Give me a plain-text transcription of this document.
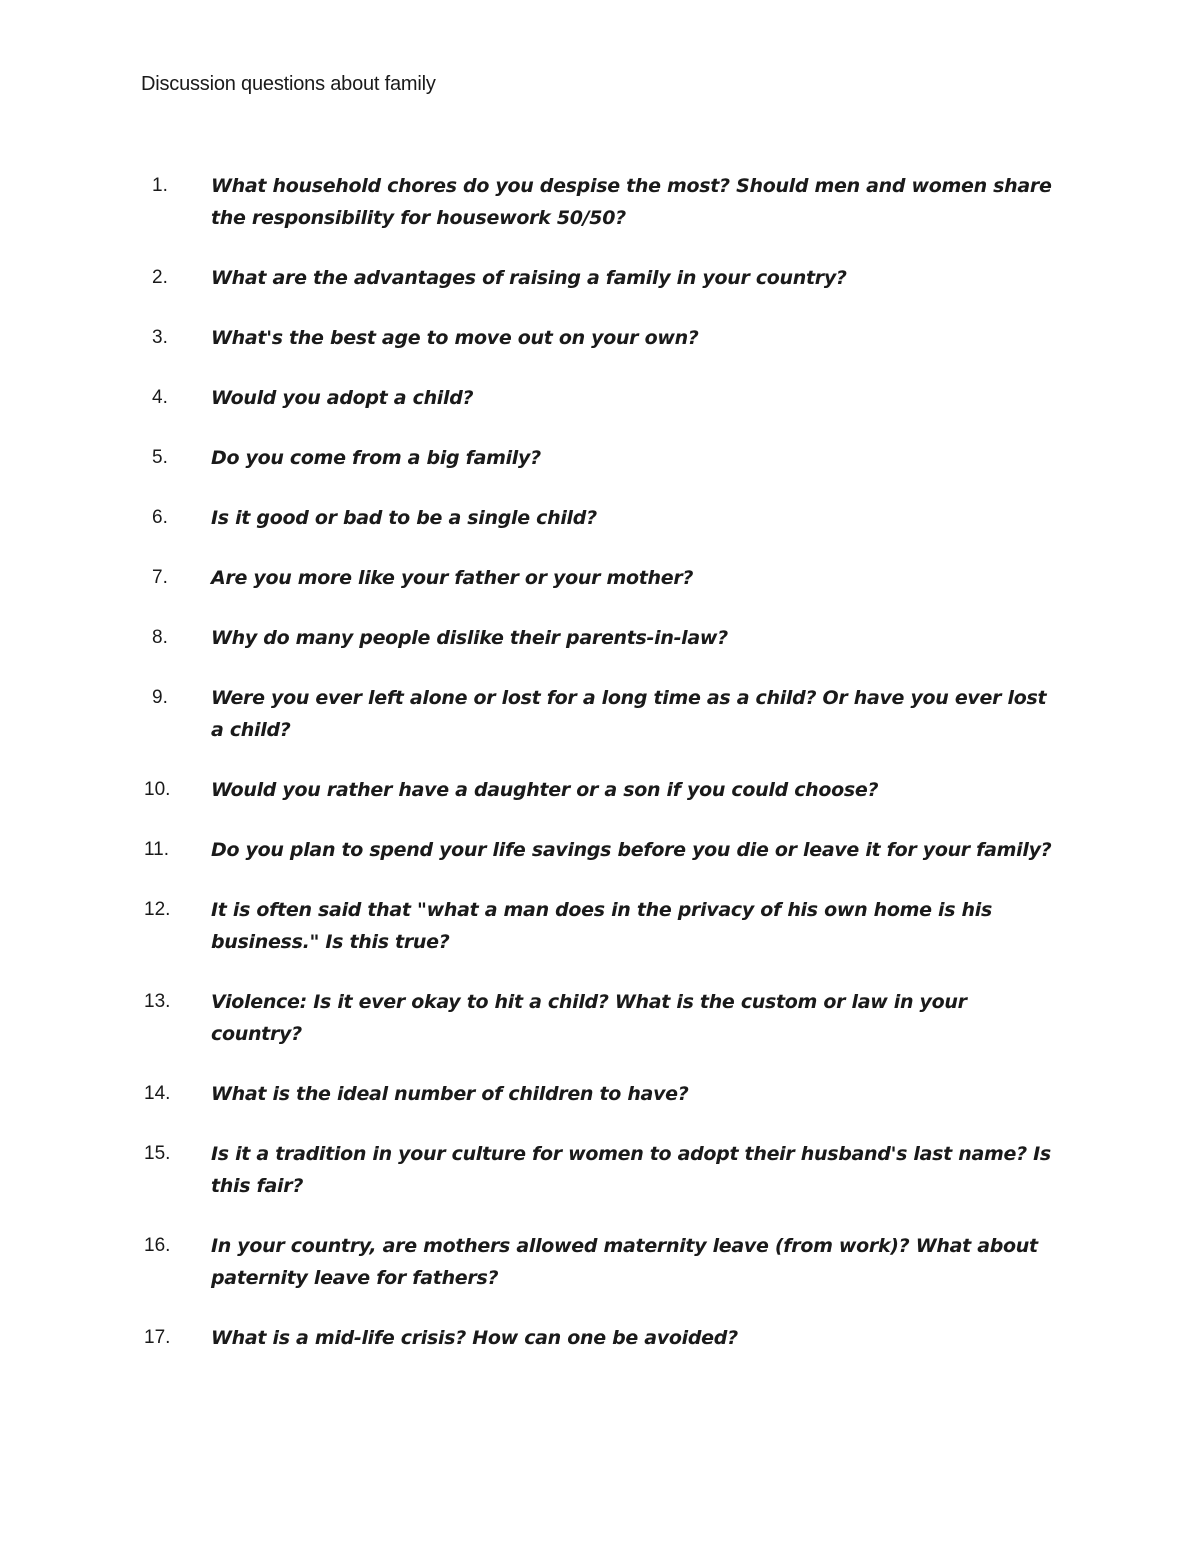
Discussion questions about family
1.	What household chores do you despise the most? Should men and women share the responsibility for housework 50/50?
2.	What are the advantages of raising a family in your country?
3.	What's the best age to move out on your own?
4.	Would you adopt a child?
5.	Do you come from a big family?
6.	Is it good or bad to be a single child?
7.	Are you more like your father or your mother?
8.	Why do many people dislike their parents-in-law?
9.	Were you ever left alone or lost for a long time as a child? Or have you ever lost a child?
10.	Would you rather have a daughter or a son if you could choose?
11.	Do you plan to spend your life savings before you die or leave it for your family?
12.	It is often said that "what a man does in the privacy of his own home is his business." Is this true?
13.	Violence: Is it ever okay to hit a child? What is the custom or law in your country?
14.	What is the ideal number of children to have?
15.	Is it a tradition in your culture for women to adopt their husband's last name? Is this fair?
16.	In your country, are mothers allowed maternity leave (from work)? What about paternity leave for fathers?
17.	What is a mid-life crisis? How can one be avoided?
